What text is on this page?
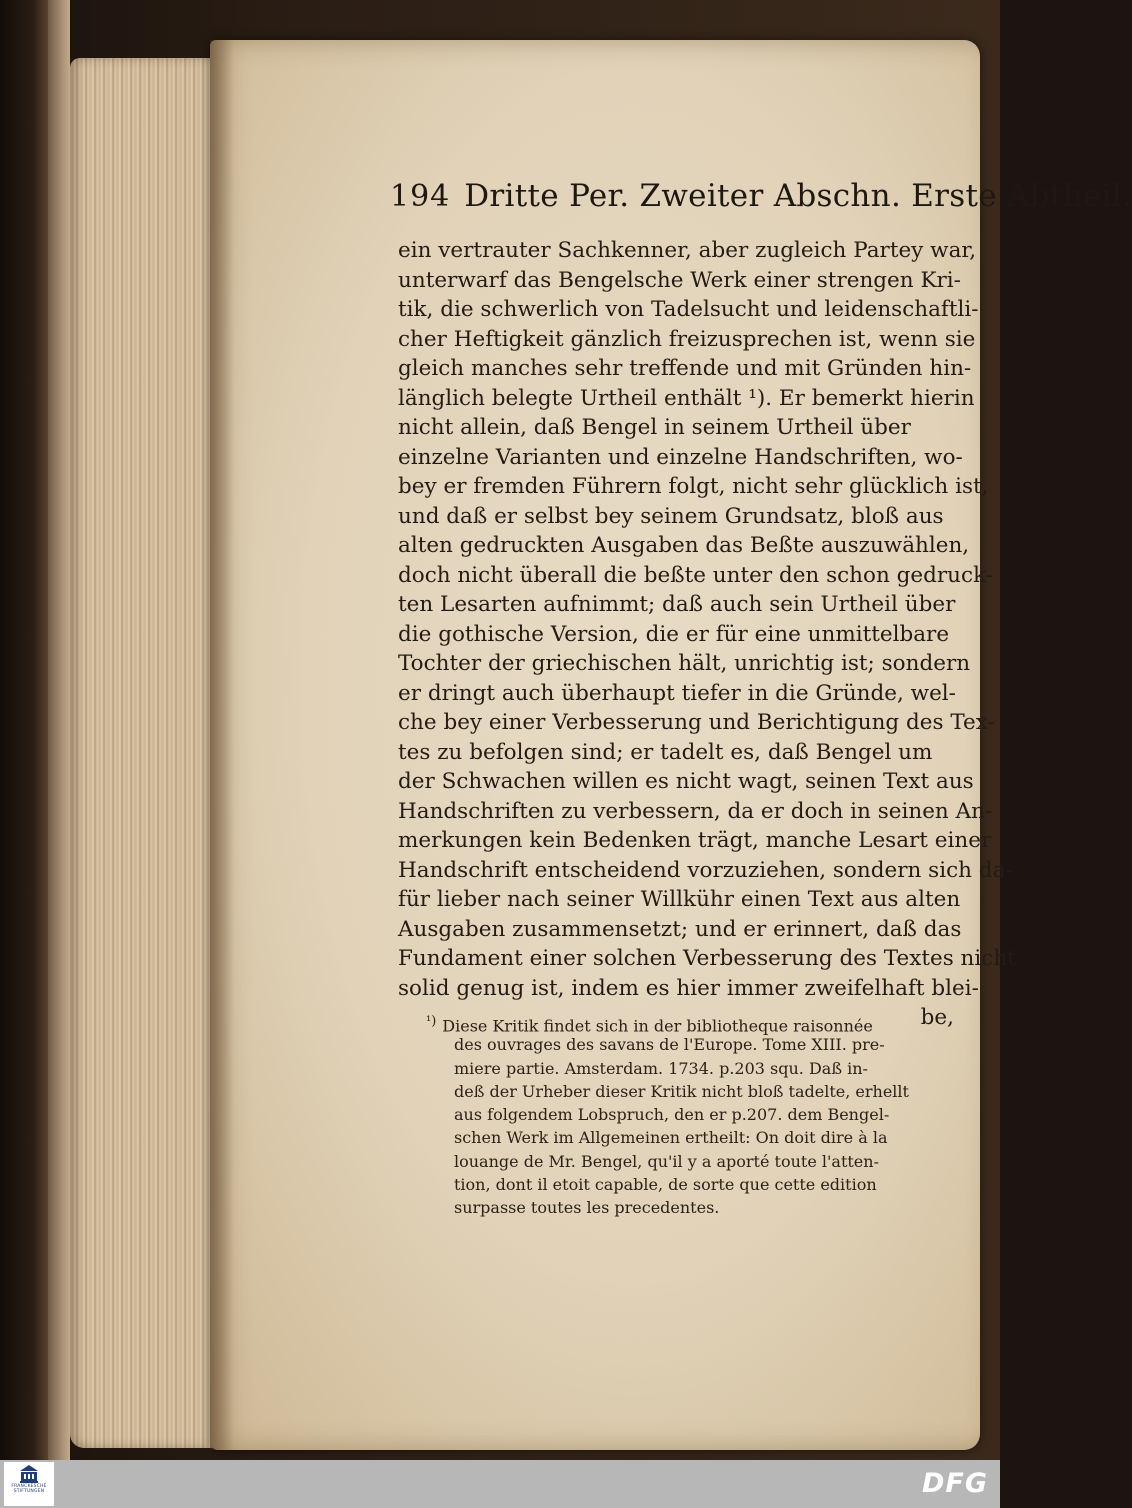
194 Dritte Per. Zweiter Abschn. Erste Abtheil.
ein vertrauter Sachkenner, aber zugleich Partey war,
unterwarf das Bengelsche Werk einer strengen Kri-
tik, die schwerlich von Tadelsucht und leidenschaftli-
cher Heftigkeit gänzlich freizusprechen ist, wenn sie
gleich manches sehr treffende und mit Gründen hin-
länglich belegte Urtheil enthält ¹). Er bemerkt hierin
nicht allein, daß Bengel in seinem Urtheil über
einzelne Varianten und einzelne Handschriften, wo-
bey er fremden Führern folgt, nicht sehr glücklich ist,
und daß er selbst bey seinem Grundsatz, bloß aus
alten gedruckten Ausgaben das Beßte auszuwählen,
doch nicht überall die beßte unter den schon gedruck-
ten Lesarten aufnimmt; daß auch sein Urtheil über
die gothische Version, die er für eine unmittelbare
Tochter der griechischen hält, unrichtig ist; sondern
er dringt auch überhaupt tiefer in die Gründe, wel-
che bey einer Verbesserung und Berichtigung des Tex-
tes zu befolgen sind; er tadelt es, daß Bengel um
der Schwachen willen es nicht wagt, seinen Text aus
Handschriften zu verbessern, da er doch in seinen An-
merkungen kein Bedenken trägt, manche Lesart einer
Handschrift entscheidend vorzuziehen, sondern sich da-
für lieber nach seiner Willkühr einen Text aus alten
Ausgaben zusammensetzt; und er erinnert, daß das
Fundament einer solchen Verbesserung des Textes nicht
solid genug ist, indem es hier immer zweifelhaft blei-
be,
$^{^1)}$ Diese Kritik findet sich in der bibliotheque raisonnée
des ouvrages des savans de l'Europe. Tome XIII. pre-
miere partie. Amsterdam. 1734. p.203 squ. Daß in-
deß der Urheber dieser Kritik nicht bloß tadelte, erhellt
aus folgendem Lobspruch, den er p.207. dem Bengel-
schen Werk im Allgemeinen ertheilt: On doit dire à la
louange de Mr. Bengel, qu'il y a aporté toute l'atten-
tion, dont il etoit capable, de sorte que cette edition
surpasse toutes les precedentes.
FRANCKESCHE STIFTUNGEN	DFG
